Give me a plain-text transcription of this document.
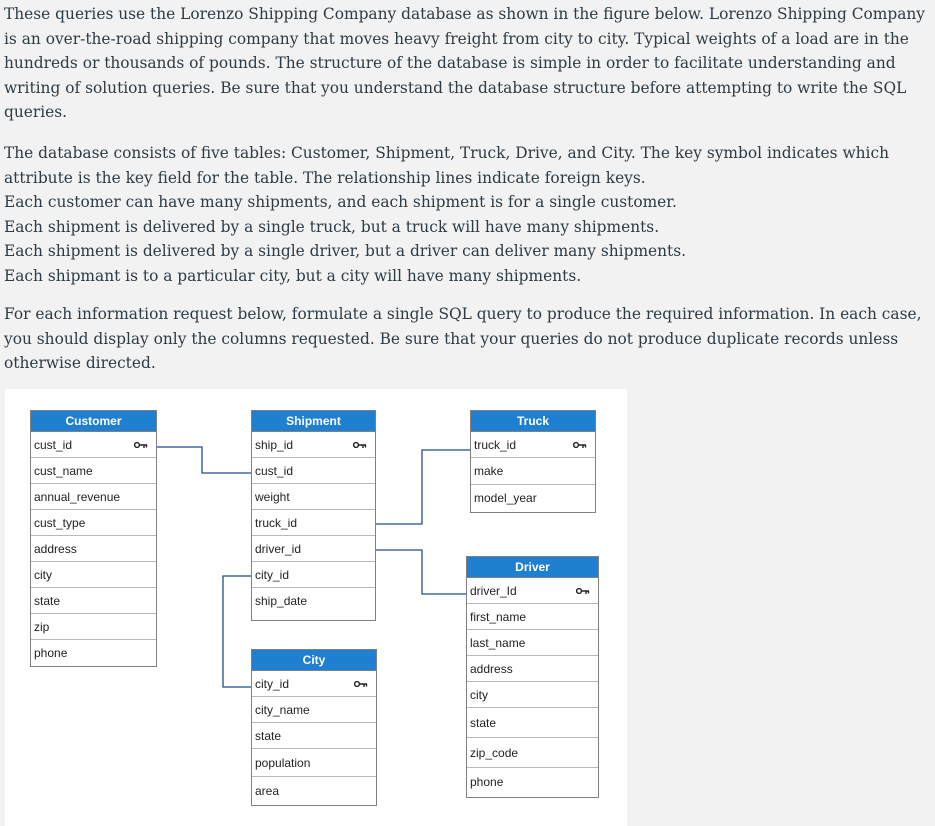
These queries use the Lorenzo Shipping Company database as shown in the figure below. Lorenzo Shipping Company
is an over-the-road shipping company that moves heavy freight from city to city. Typical weights of a load are in the
hundreds or thousands of pounds. The structure of the database is simple in order to facilitate understanding and
writing of solution queries. Be sure that you understand the database structure before attempting to write the SQL
queries.
The database consists of five tables: Customer, Shipment, Truck, Drive, and City. The key symbol indicates which
attribute is the key field for the table. The relationship lines indicate foreign keys.
Each customer can have many shipments, and each shipment is for a single customer.
Each shipment is delivered by a single truck, but a truck will have many shipments.
Each shipment is delivered by a single driver, but a driver can deliver many shipments.
Each shipmant is to a particular city, but a city will have many shipments.
For each information request below, formulate a single SQL query to produce the required information. In each case,
you should display only the columns requested. Be sure that your queries do not produce duplicate records unless
otherwise directed.
Customer
cust_id
cust_name
annual_revenue
cust_type
address
city
state
zip
phone
Shipment
ship_id
cust_id
weight
truck_id
driver_id
city_id
ship_date
Truck
truck_id
make
model_year
Driver
driver_Id
first_name
last_name
address
city
state
zip_code
phone
City
city_id
city_name
state
population
area
